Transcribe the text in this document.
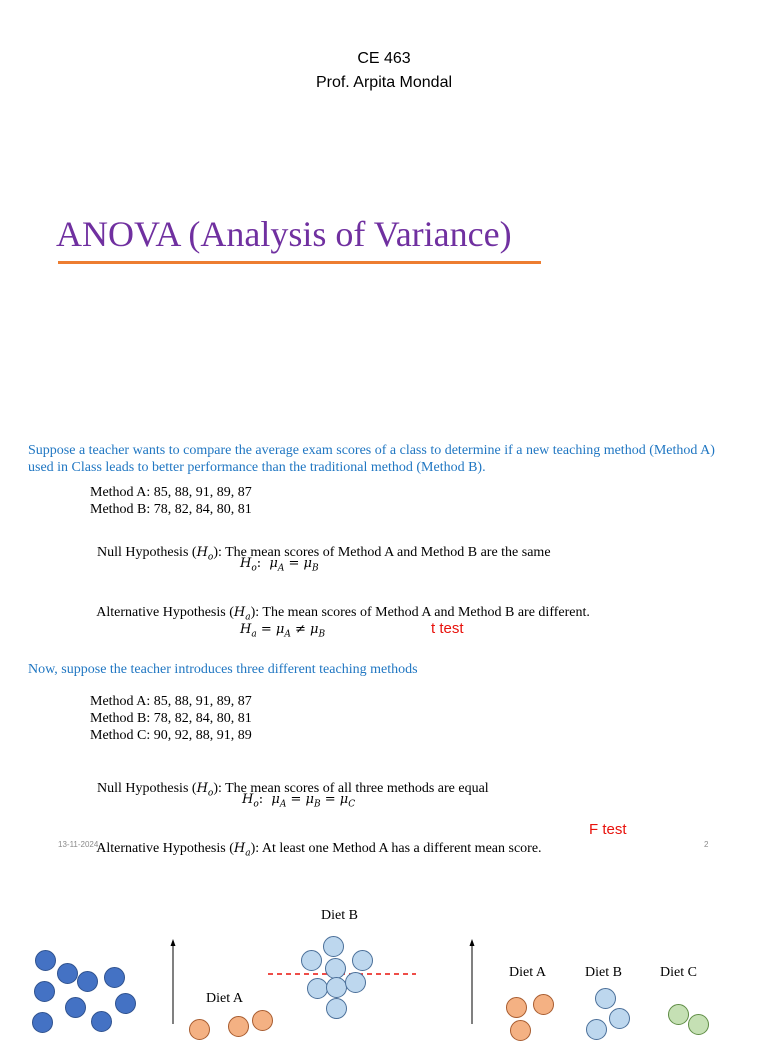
CE 463
Prof. Arpita Mondal
ANOVA (Analysis of Variance)
Suppose a teacher wants to compare the average exam scores of a class to determine if a new teaching method (Method A) used in Class leads to better performance than the traditional method (Method B).
Method A: 85, 88, 91, 89, 87
Method B: 78, 82, 84, 80, 81

Null Hypothesis $(H_o)$: The mean scores of Method A and Method B are the same

$H_o$:  $\mu_A = \mu_B$

Alternative Hypothesis $(H_a)$: The mean scores of Method A and Method B are different.

$H_a = \mu_A \ne \mu_B$	t test
Now, suppose the teacher introduces three different teaching methods
Method A: 85, 88, 91, 89, 87
Method B: 78, 82, 84, 80, 81
Method C: 90, 92, 88, 91, 89

Null Hypothesis $(H_o)$: The mean scores of all three methods are equal

$H_o$:  $\mu_A = \mu_B = \mu_C$

Alternative Hypothesis $(H_a)$: At least one Method A has a different mean score.

F test
13-11-2024	2
Diet B
Diet A
Diet A	Diet B	Diet C
